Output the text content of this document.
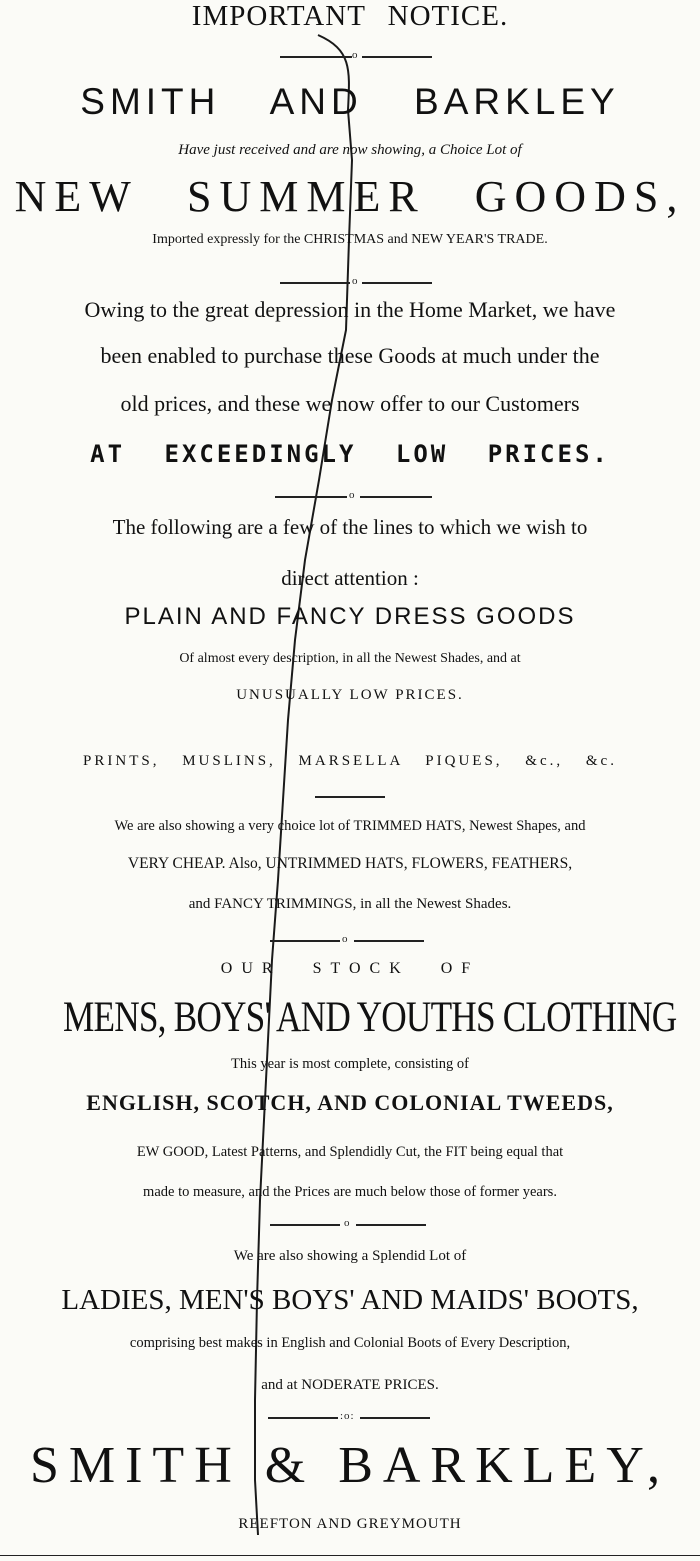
IMPORTANT NOTICE.
o
SMITH AND BARKLEY
Have just received and are now showing, a Choice Lot of
NEW SUMMER GOODS,
Imported expressly for the CHRISTMAS and NEW YEAR'S TRADE.
o
Owing to the great depression in the Home Market, we have
been enabled to purchase these Goods at much under the
old prices, and these we now offer to our Customers
AT EXCEEDINGLY LOW PRICES.
o
The following are a few of the lines to which we wish to
direct attention :
PLAIN AND FANCY DRESS GOODS
Of almost every description, in all the Newest Shades, and at
UNUSUALLY LOW PRICES.
PRINTS, MUSLINS, MARSELLA PIQUES, &c., &c.
We are also showing a very choice lot of TRIMMED HATS, Newest Shapes, and
VERY CHEAP. Also, UNTRIMMED HATS, FLOWERS, FEATHERS,
and FANCY TRIMMINGS, in all the Newest Shades.
o
OUR STOCK OF
MENS, BOYS' AND YOUTHS CLOTHING
This year is most complete, consisting of
ENGLISH, SCOTCH, AND COLONIAL TWEEDS,
EW GOOD, Latest Patterns, and Splendidly Cut, the FIT being equal that
made to measure, and the Prices are much below those of former years.
o
We are also showing a Splendid Lot of
LADIES, MEN'S BOYS' AND MAIDS' BOOTS,
comprising best makes in English and Colonial Boots of Every Description,
and at NODERATE PRICES.
:o:
SMITH & BARKLEY,
REEFTON AND GREYMOUTH
